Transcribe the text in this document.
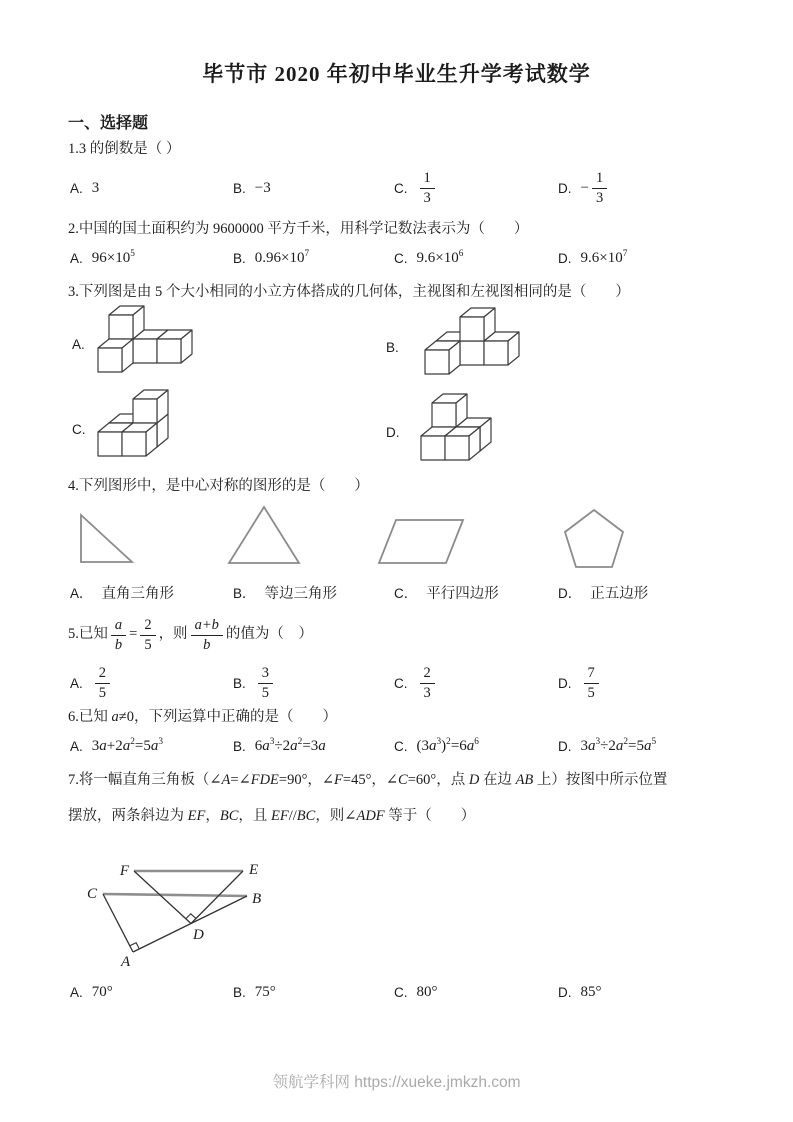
毕节市 2020 年初中毕业生升学考试数学
一、选择题
1.3 的倒数是（ ）
A. 3	B. −3	C. $\frac{1}{3}$	D. − $\frac{1}{3}$
2.中国的国土面积约为 9600000 平方千米，用科学记数法表示为（　　）
A. $96\times 10^5$	B. $0.96\times 10^7$	C. $9.6\times 10^6$	D. $9.6\times 10^7$
3.下列图是由 5 个大小相同的小立方体搭成的几何体，主视图和左视图相同的是（　　）
A.	B.
C.	D.
4.下列图形中，是中心对称的图形的是（　　）
A． 直角三角形	B． 等边三角形	C． 平行四边形	D． 正五边形
5.已知 $\frac{a}{b} = \frac{2}{5}$ ，则 $\frac{a+b}{b}$ 的值为（　）
A. $\frac{2}{5}$	B. $\frac{3}{5}$	C. $\frac{2}{3}$	D. $\frac{7}{5}$
6.已知 a≠0，下列运算中正确的是（　　）
A. $3a+2a^2=5a^3$	B. $6a^3\div 2a^2=3a$	C. $(3a^3)^2=6a^6$	D. $3a^3\div 2a^2=5a^5$
7.将一幅直角三角板（∠A=∠FDE=90°，∠F=45°，∠C=60°，点 D 在边 AB 上）按图中所示位置
摆放，两条斜边为 EF，BC，且 EF//BC，则∠ADF 等于（　　）
F	E
C	B
D
A
A. 70°	B. 75°	C. 80°	D. 85°
领航学科网 https://xueke.jmkzh.com
